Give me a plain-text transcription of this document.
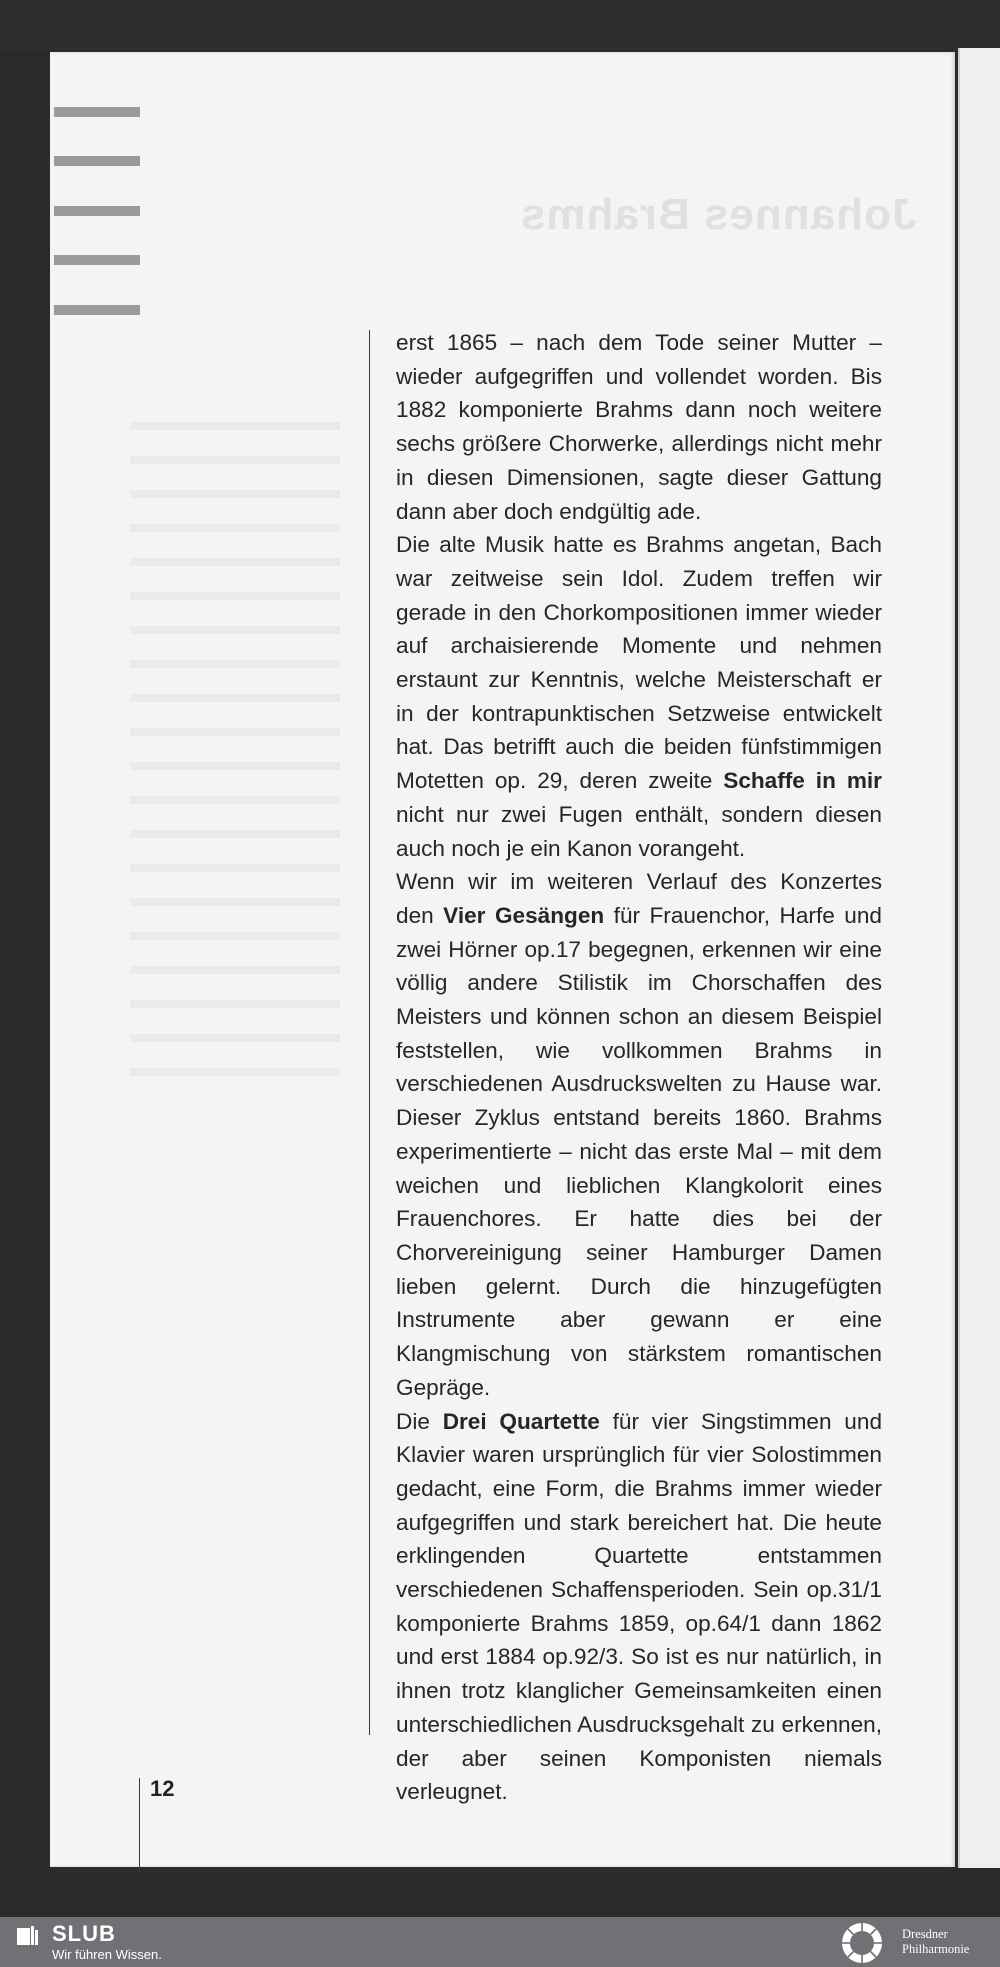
Johannes Brahms

erst 1865 – nach dem Tode seiner Mutter – wieder aufgegriffen und vollendet worden. Bis 1882 komponierte Brahms dann noch weitere sechs größere Chorwerke, allerdings nicht mehr in diesen Dimensionen, sagte dieser Gattung dann aber doch endgültig ade.

Die alte Musik hatte es Brahms angetan, Bach war zeitweise sein Idol. Zudem treffen wir gerade in den Chorkompositionen immer wieder auf archaisierende Momente und nehmen erstaunt zur Kenntnis, welche Meisterschaft er in der kontrapunktischen Setzweise entwickelt hat. Das betrifft auch die beiden fünfstimmigen Motetten op. 29, deren zweite Schaffe in mir nicht nur zwei Fugen enthält, sondern diesen auch noch je ein Kanon vorangeht.

Wenn wir im weiteren Verlauf des Konzertes den Vier Gesängen für Frauenchor, Harfe und zwei Hörner op.17 begegnen, erkennen wir eine völlig andere Stilistik im Chorschaffen des Meisters und können schon an diesem Beispiel feststellen, wie vollkommen Brahms in verschiedenen Ausdruckswelten zu Hause war. Dieser Zyklus entstand bereits 1860. Brahms experimentierte – nicht das erste Mal – mit dem weichen und lieblichen Klangkolorit eines Frauenchores. Er hatte dies bei der Chorvereinigung seiner Hamburger Damen lieben gelernt. Durch die hinzugefügten Instrumente aber gewann er eine Klangmischung von stärkstem romantischen Gepräge.

Die Drei Quartette für vier Singstimmen und Klavier waren ursprünglich für vier Solostimmen gedacht, eine Form, die Brahms immer wieder aufgegriffen und stark bereichert hat. Die heute erklingenden Quartette entstammen verschiedenen Schaffensperioden. Sein op.31/1 komponierte Brahms 1859, op.64/1 dann 1862 und erst 1884 op.92/3. So ist es nur natürlich, in ihnen trotz klanglicher Gemeinsamkeiten einen unterschiedlichen Ausdrucksgehalt zu erkennen, der aber seinen Komponisten niemals verleugnet.

12
SLUB
Wir führen Wissen.
Dresdner
Philharmonie
